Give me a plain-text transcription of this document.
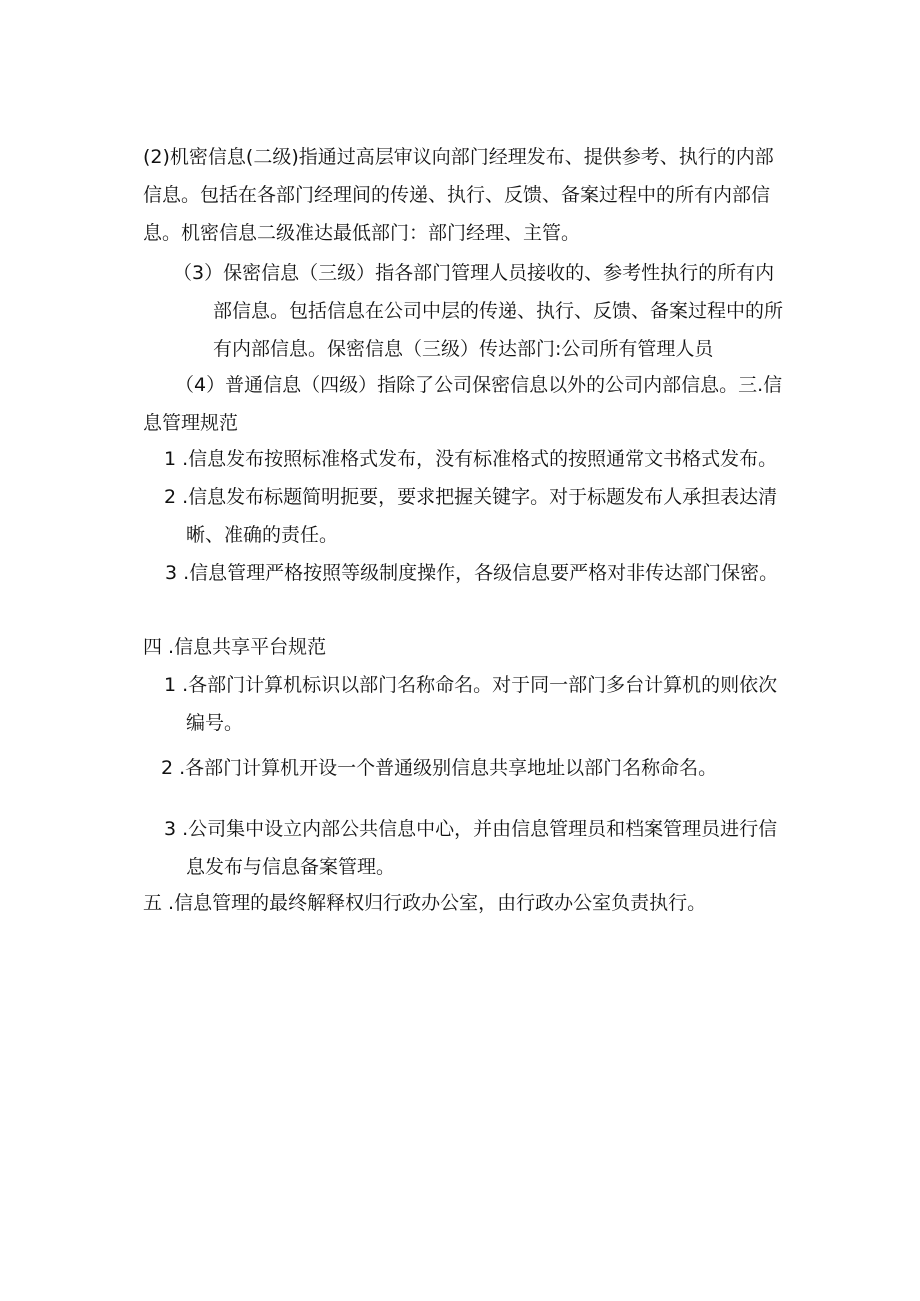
(2)机密信息(二级)指通过高层审议向部门经理发布、提供参考、执行的内部信息。包括在各部门经理间的传递、执行、反馈、备案过程中的所有内部信息。机密信息二级准达最低部门：部门经理、主管。

（3）保密信息（三级）指各部门管理人员接收的、参考性执行的所有内部信息。包括信息在公司中层的传递、执行、反馈、备案过程中的所有内部信息。保密信息（三级）传达部门:公司所有管理人员

（4）普通信息（四级）指除了公司保密信息以外的公司内部信息。三.信息管理规范

1 .信息发布按照标准格式发布，没有标准格式的按照通常文书格式发布。

2 .信息发布标题简明扼要，要求把握关键字。对于标题发布人承担表达清晰、准确的责任。

3 .信息管理严格按照等级制度操作，各级信息要严格对非传达部门保密。

四 .信息共享平台规范

1 .各部门计算机标识以部门名称命名。对于同一部门多台计算机的则依次编号。

2 .各部门计算机开设一个普通级别信息共享地址以部门名称命名。

3 .公司集中设立内部公共信息中心，并由信息管理员和档案管理员进行信息发布与信息备案管理。

五 .信息管理的最终解释权归行政办公室，由行政办公室负责执行。
